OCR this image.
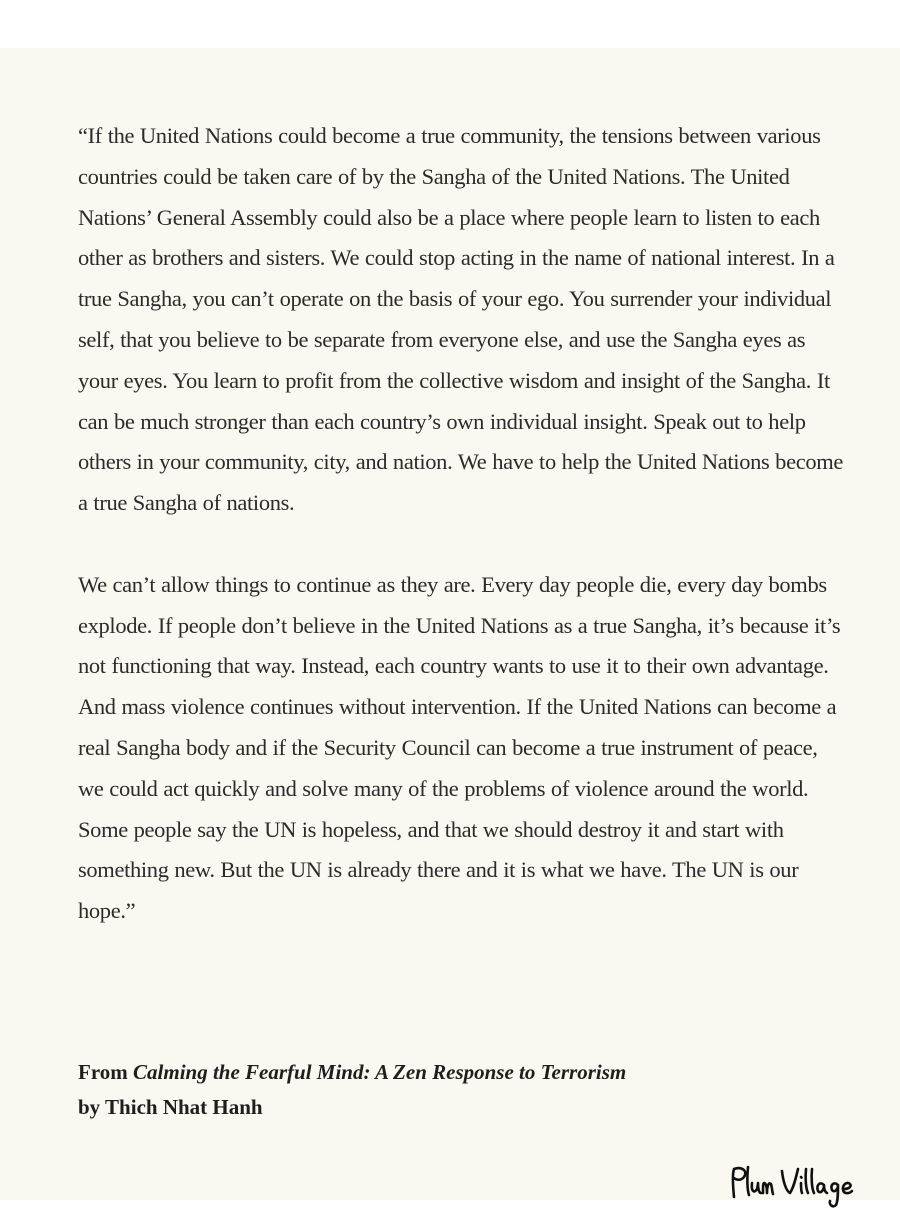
“If the United Nations could become a true community, the tensions between various countries could be taken care of by the Sangha of the United Nations. The United Nations’ General Assembly could also be a place where people learn to listen to each other as brothers and sisters. We could stop acting in the name of national interest. In a true Sangha, you can’t operate on the basis of your ego. You surrender your individual self, that you believe to be separate from everyone else, and use the Sangha eyes as your eyes. You learn to profit from the collective wisdom and insight of the Sangha. It can be much stronger than each country’s own individual insight. Speak out to help others in your community, city, and nation. We have to help the United Nations become a true Sangha of nations.

We can’t allow things to continue as they are. Every day people die, every day bombs explode. If people don’t believe in the United Nations as a true Sangha, it’s because it’s not functioning that way. Instead, each country wants to use it to their own advantage. And mass violence continues without intervention. If the United Nations can become a real Sangha body and if the Security Council can become a true instrument of peace, we could act quickly and solve many of the problems of violence around the world. Some people say the UN is hopeless, and that we should destroy it and start with something new. But the UN is already there and it is what we have. The UN is our hope.”

From Calming the Fearful Mind: A Zen Response to Terrorism
by Thich Nhat Hanh
